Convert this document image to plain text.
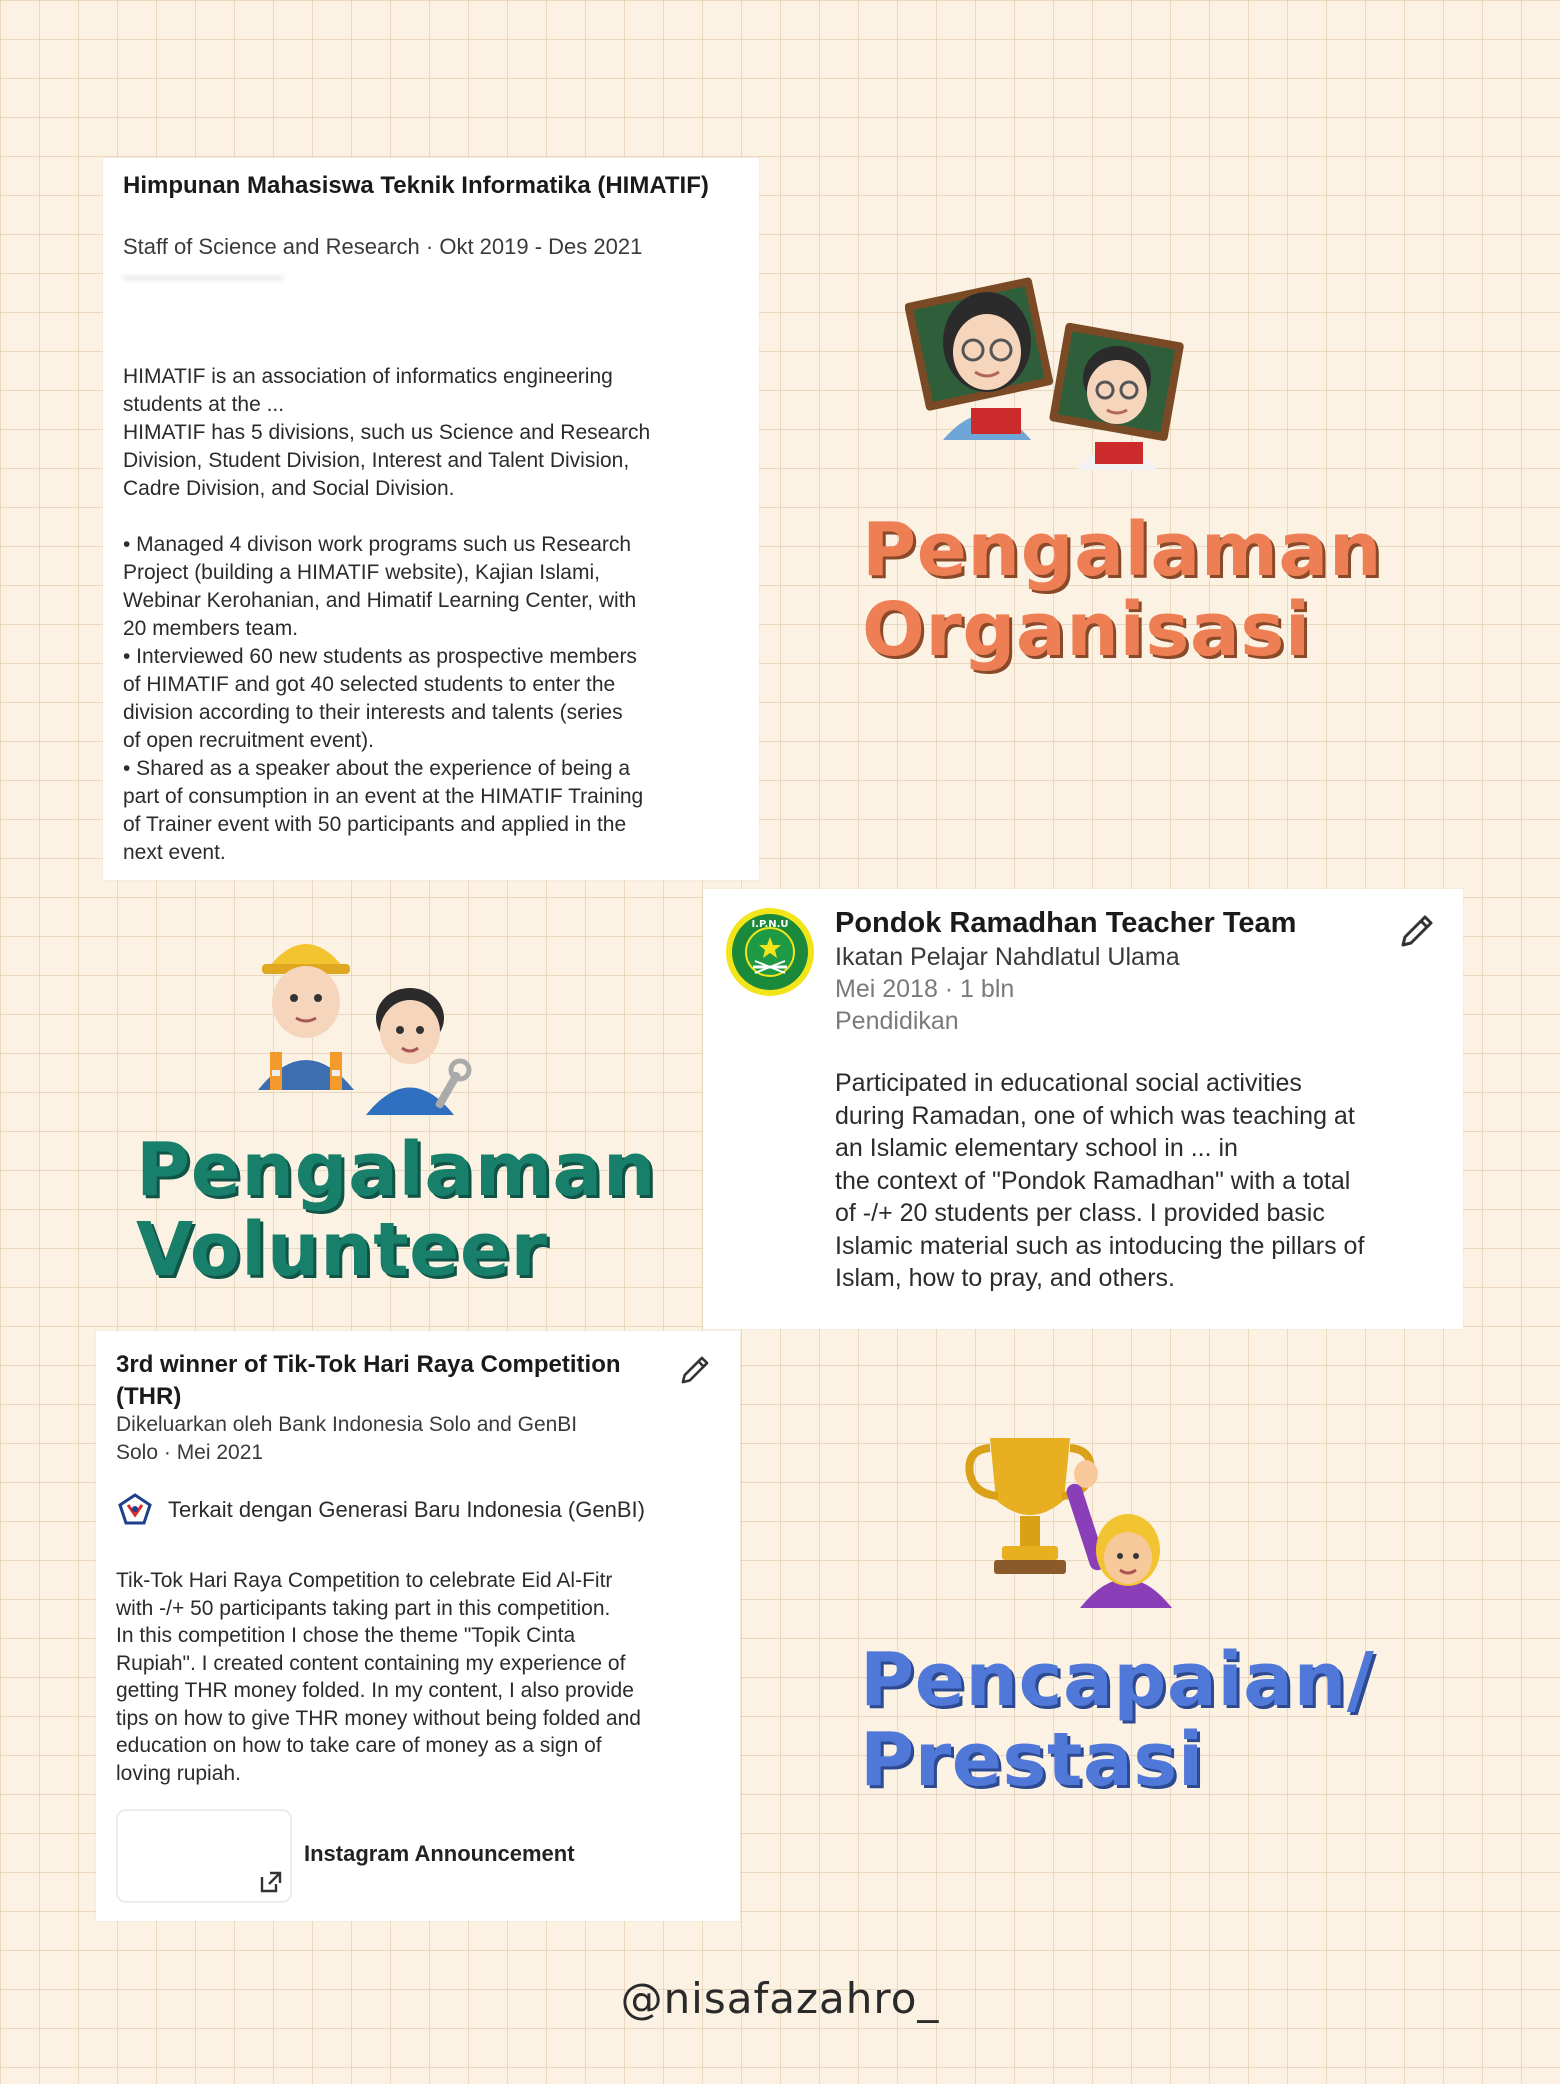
Himpunan Mahasiswa Teknik Informatika (HIMATIF)
Staff of Science and Research · Okt 2019 - Des 2021
HIMATIF is an association of informatics engineering
students at the ...
HIMATIF has 5 divisions, such us Science and Research
Division, Student Division, Interest and Talent Division,
Cadre Division, and Social Division.

• Managed 4 divison work programs such us Research
Project (building a HIMATIF website), Kajian Islami,
Webinar Kerohanian, and Himatif Learning Center, with
20 members team.
• Interviewed 60 new students as prospective members
of HIMATIF and got 40 selected students to enter the
division according to their interests and talents (series
of open recruitment event).
• Shared as a speaker about the experience of being a
part of consumption in an event at the HIMATIF Training
of Trainer event with 50 participants and applied in the
next event.
Pengalaman
Organisasi
I.P.N.U Pondok Ramadhan Teacher Team
Ikatan Pelajar Nahdlatul Ulama
Mei 2018 · 1 bln
Pendidikan
Participated in educational social activities
during Ramadan, one of which was teaching at
an Islamic elementary school in ... in
the context of "Pondok Ramadhan" with a total
of -/+ 20 students per class. I provided basic
Islamic material such as intoducing the pillars of
Islam, how to pray, and others.
Pengalaman
Volunteer
3rd winner of Tik-Tok Hari Raya Competition (THR)
Dikeluarkan oleh Bank Indonesia Solo and GenBI
Solo · Mei 2021
Terkait dengan Generasi Baru Indonesia (GenBI)
Tik-Tok Hari Raya Competition to celebrate Eid Al-Fitr
with -/+ 50 participants taking part in this competition.
In this competition I chose the theme "Topik Cinta
Rupiah". I created content containing my experience of
getting THR money folded. In my content, I also provide
tips on how to give THR money without being folded and
education on how to take care of money as a sign of
loving rupiah.
Instagram Announcement
Pencapaian/
Prestasi
@nisafazahro_
